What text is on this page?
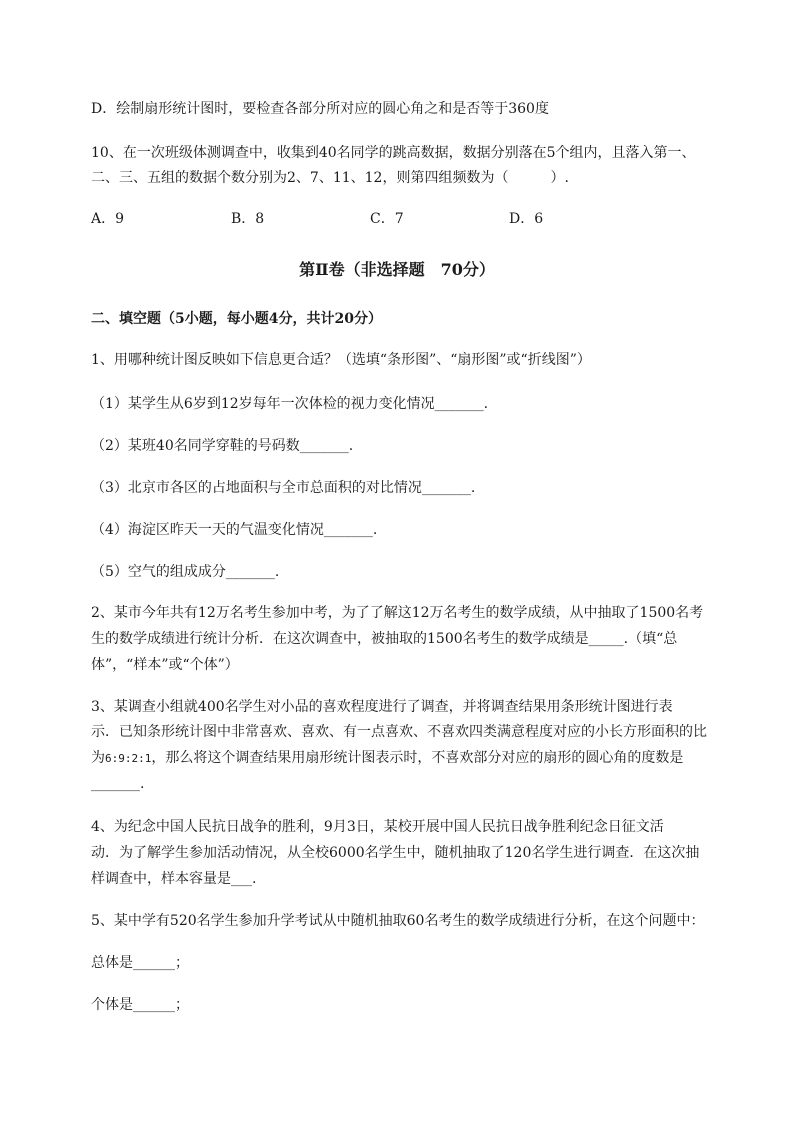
D．绘制扇形统计图时，要检查各部分所对应的圆心角之和是否等于360度
10、在一次班级体测调查中，收集到40名同学的跳高数据，数据分别落在5个组内，且落入第一、
二、三、五组的数据个数分别为2、7、11、12，则第四组频数为（　　　）.
A．9	B．8	C．7	D．6
第Ⅱ卷（非选择题　70分）
二、填空题（5小题，每小题4分，共计20分）
1、用哪种统计图反映如下信息更合适？（选填“条形图”、“扇形图”或“折线图”）
（1）某学生从6岁到12岁每年一次体检的视力变化情况_______.
（2）某班40名同学穿鞋的号码数_______.
（3）北京市各区的占地面积与全市总面积的对比情况_______.
（4）海淀区昨天一天的气温变化情况_______.
（5）空气的组成成分_______.
2、某市今年共有12万名考生参加中考，为了了解这12万名考生的数学成绩，从中抽取了1500名考
生的数学成绩进行统计分析．在这次调查中，被抽取的1500名考生的数学成绩是_____.（填“总
体”，“样本”或“个体”）
3、某调查小组就400名学生对小品的喜欢程度进行了调查，并将调查结果用条形统计图进行表
示．已知条形统计图中非常喜欢、喜欢、有一点喜欢、不喜欢四类满意程度对应的小长方形面积的比
为6:9:2:1，那么将这个调查结果用扇形统计图表示时，不喜欢部分对应的扇形的圆心角的度数是
_______.
4、为纪念中国人民抗日战争的胜利，9月3日，某校开展中国人民抗日战争胜利纪念日征文活
动．为了解学生参加活动情况，从全校6000名学生中，随机抽取了120名学生进行调查．在这次抽
样调查中，样本容量是___.
5、某中学有520名学生参加升学考试从中随机抽取60名考生的数学成绩进行分析，在这个问题中：
总体是______；
个体是______；
